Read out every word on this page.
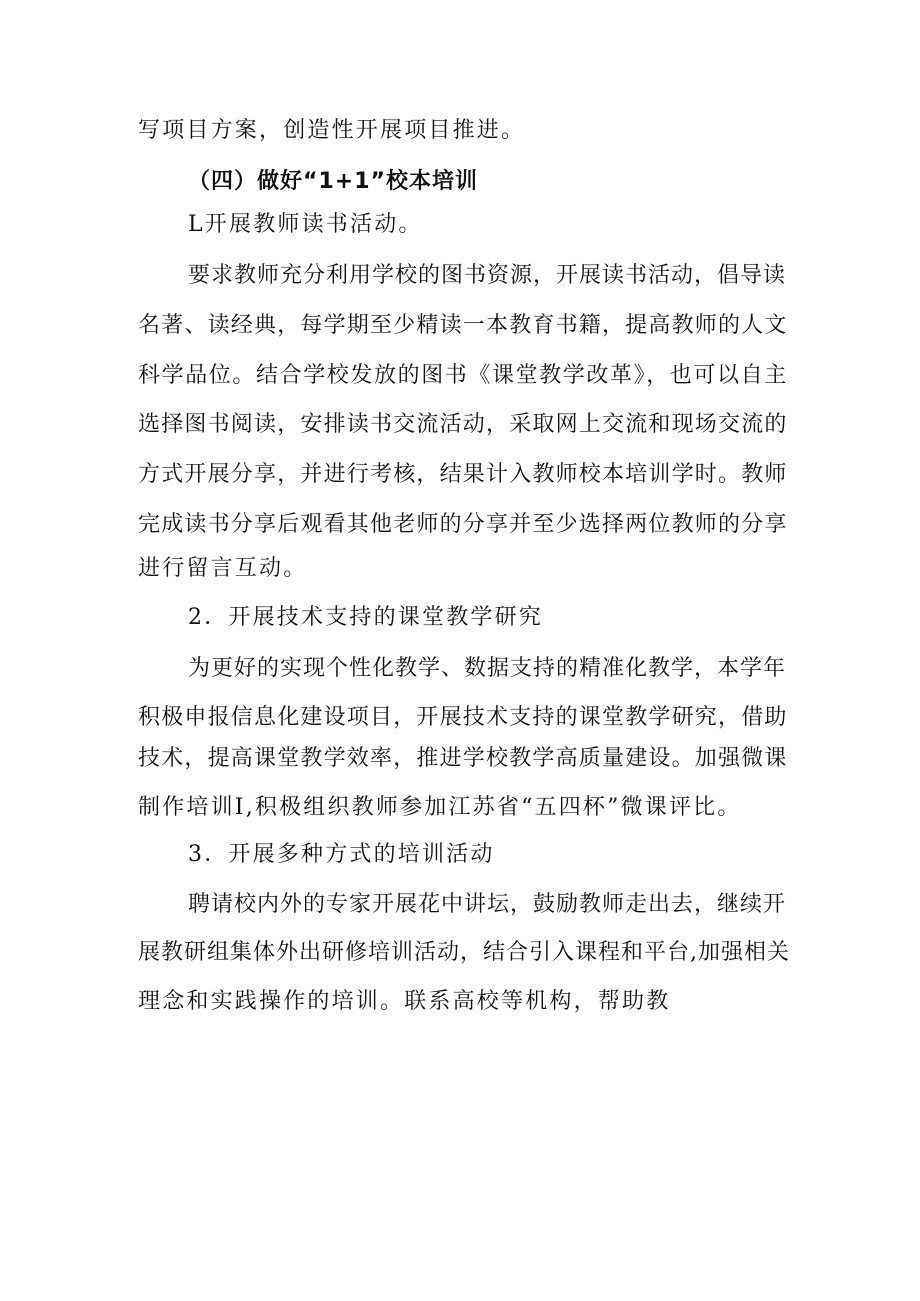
写项目方案，创造性开展项目推进。
（四）做好“1+1”校本培训
L开展教师读书活动。
要求教师充分利用学校的图书资源，开展读书活动，倡导读
名著、读经典，每学期至少精读一本教育书籍，提高教师的人文
科学品位。结合学校发放的图书《课堂教学改革》，也可以自主
选择图书阅读，安排读书交流活动，采取网上交流和现场交流的
方式开展分享，并进行考核，结果计入教师校本培训学时。教师
完成读书分享后观看其他老师的分享并至少选择两位教师的分享
进行留言互动。
2．开展技术支持的课堂教学研究
为更好的实现个性化教学、数据支持的精准化教学，本学年
积极申报信息化建设项目，开展技术支持的课堂教学研究，借助
技术，提高课堂教学效率，推进学校教学高质量建设。加强微课
制作培训I,积极组织教师参加江苏省“五四杯”微课评比。
3．开展多种方式的培训活动
聘请校内外的专家开展花中讲坛，鼓励教师走出去，继续开
展教研组集体外出研修培训活动，结合引入课程和平台,加强相关
理念和实践操作的培训。联系高校等机构，帮助教
